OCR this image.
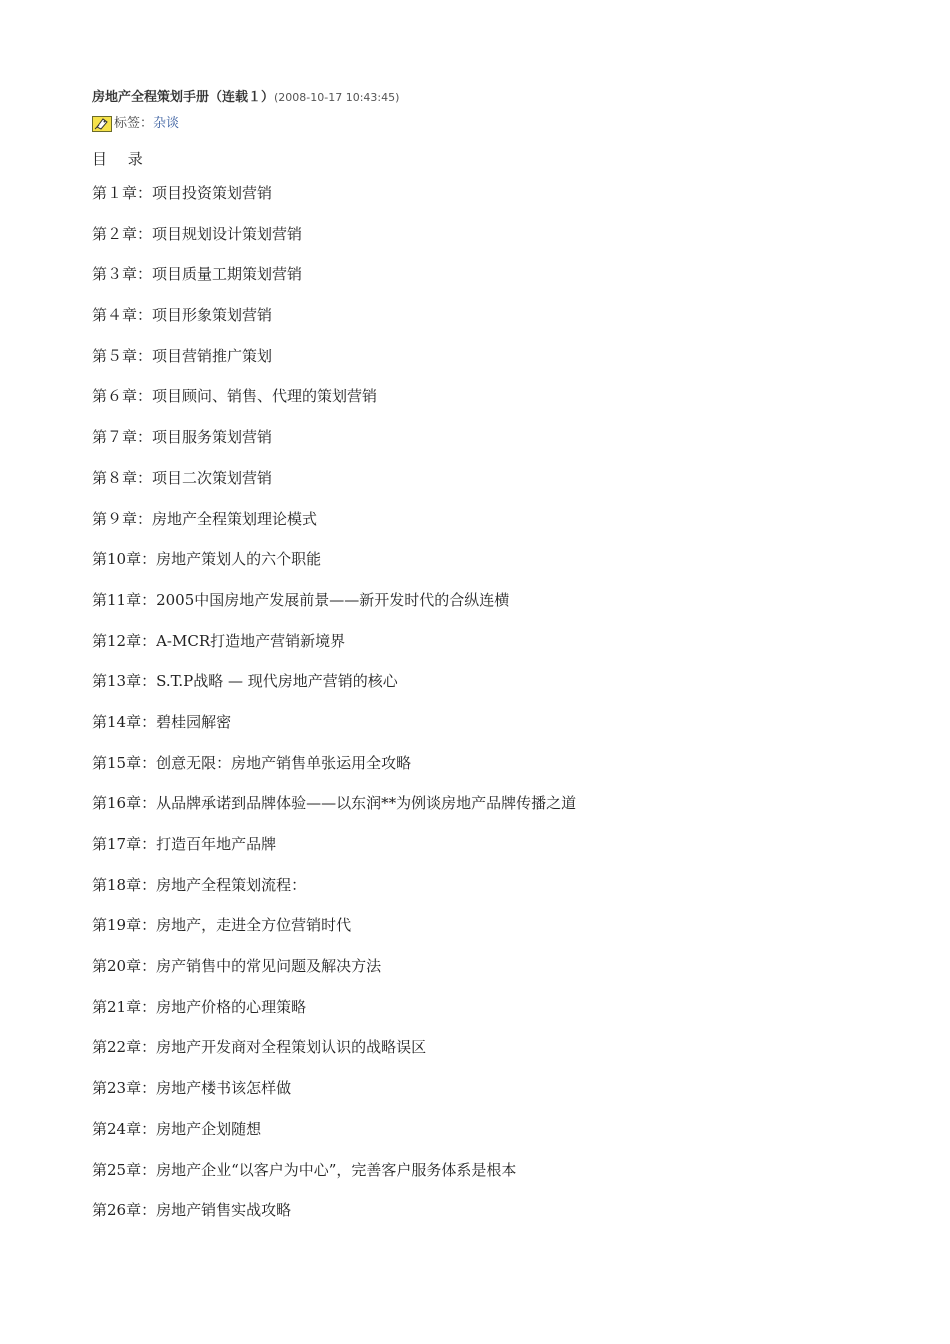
房地产全程策划手册（连载１）(2008-10-17 10:43:45)
标签： 杂谈
目 录
第１章：项目投资策划营销
第２章：项目规划设计策划营销
第３章：项目质量工期策划营销
第４章：项目形象策划营销
第５章：项目营销推广策划
第６章：项目顾问、销售、代理的策划营销
第７章：项目服务策划营销
第８章：项目二次策划营销
第９章：房地产全程策划理论模式
第10章：房地产策划人的六个职能
第11章：2005中国房地产发展前景——新开发时代的合纵连横
第12章：A-MCR打造地产营销新境界
第13章：S.T.P战略 — 现代房地产营销的核心
第14章：碧桂园解密
第15章：创意无限：房地产销售单张运用全攻略
第16章：从品牌承诺到品牌体验——以东润**为例谈房地产品牌传播之道
第17章：打造百年地产品牌
第18章：房地产全程策划流程：
第19章：房地产，走进全方位营销时代
第20章：房产销售中的常见问题及解决方法
第21章：房地产价格的心理策略
第22章：房地产开发商对全程策划认识的战略误区
第23章：房地产楼书该怎样做
第24章：房地产企划随想
第25章：房地产企业“以客户为中心”，完善客户服务体系是根本
第26章：房地产销售实战攻略
